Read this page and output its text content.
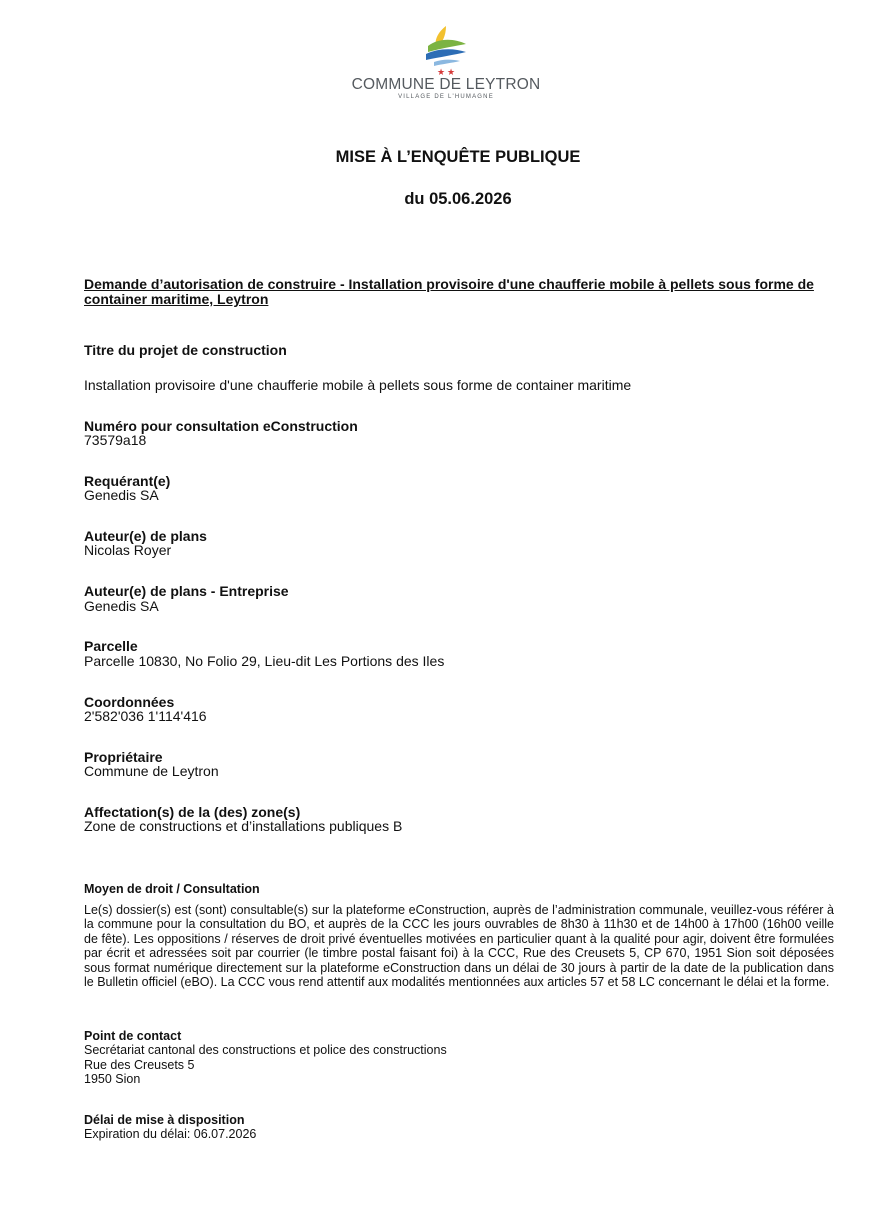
★ ★
COMMUNE DE LEYTRON
VILLAGE DE L'HUMAGNE
MISE À L’ENQUÊTE PUBLIQUE
du 05.06.2026

Demande d’autorisation de construire - Installation provisoire d'une chaufferie mobile à pellets sous forme de container maritime, Leytron

Titre du projet de construction
Installation provisoire d'une chaufferie mobile à pellets sous forme de container maritime
Numéro pour consultation eConstruction
73579a18
Requérant(e)
Genedis SA
Auteur(e) de plans
Nicolas Royer
Auteur(e) de plans - Entreprise
Genedis SA
Parcelle
Parcelle 10830, No Folio 29, Lieu-dit Les Portions des Iles
Coordonnées
2'582'036 1'114'416
Propriétaire
Commune de Leytron
Affectation(s) de la (des) zone(s)
Zone de constructions et d’installations publiques B
Moyen de droit / Consultation
Le(s) dossier(s) est (sont) consultable(s) sur la plateforme eConstruction, auprès de l’administration communale, veuillez-vous référer à la commune pour la consultation du BO, et auprès de la CCC les jours ouvrables de 8h30 à 11h30 et de 14h00 à 17h00 (16h00 veille de fête). Les oppositions / réserves de droit privé éventuelles motivées en particulier quant à la qualité pour agir, doivent être formulées par écrit et adressées soit par courrier (le timbre postal faisant foi) à la CCC, Rue des Creusets 5, CP 670, 1951 Sion soit déposées sous format numérique directement sur la plateforme eConstruction dans un délai de 30 jours à partir de la date de la publication dans le Bulletin officiel (eBO). La CCC vous rend attentif aux modalités mentionnées aux articles 57 et 58 LC concernant le délai et la forme.
Point de contact
Secrétariat cantonal des constructions et police des constructions
Rue des Creusets 5
1950 Sion
Délai de mise à disposition
Expiration du délai: 06.07.2026
